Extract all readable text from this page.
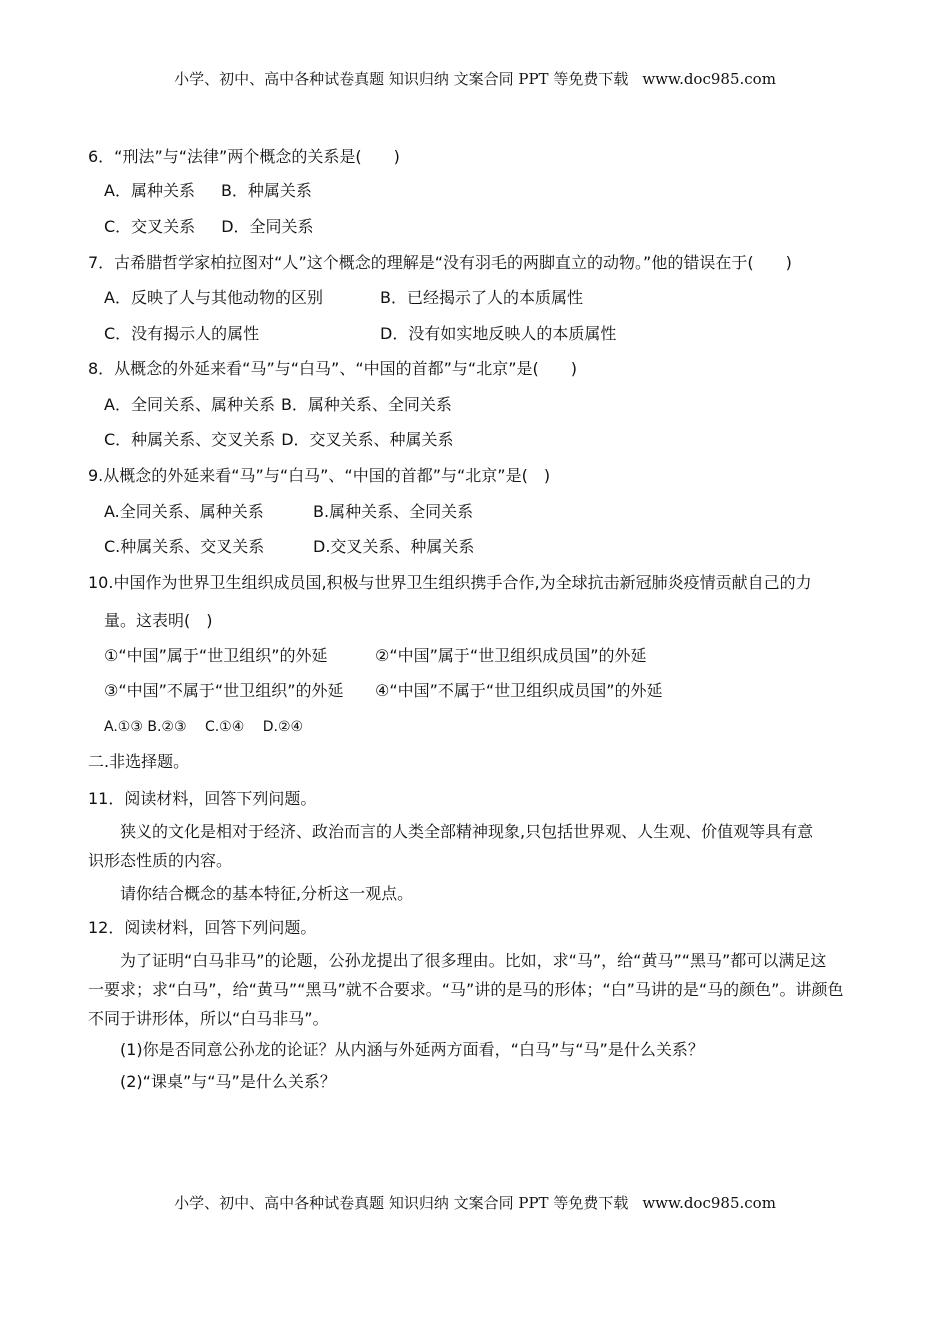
小学、初中、高中各种试卷真题 知识归纳 文案合同 PPT 等免费下载 www.doc985.com
6．“刑法”与“法律”两个概念的关系是(　　)
A．属种关系 B．种属关系
C．交叉关系 D．全同关系
7．古希腊哲学家柏拉图对“人”这个概念的理解是“没有羽毛的两脚直立的动物。”他的错误在于(　　)
A．反映了人与其他动物的区别	B．已经揭示了人的本质属性
C．没有揭示人的属性	D．没有如实地反映人的本质属性
8．从概念的外延来看“马”与“白马”、“中国的首都”与“北京”是(　　)
A．全同关系、属种关系 B．属种关系、全同关系
C．种属关系、交叉关系 D．交叉关系、种属关系
9.从概念的外延来看“马”与“白马”、“中国的首都”与“北京”是(　)
A.全同关系、属种关系	B.属种关系、全同关系
C.种属关系、交叉关系	D.交叉关系、种属关系
10.中国作为世界卫生组织成员国,积极与世界卫生组织携手合作,为全球抗击新冠肺炎疫情贡献自己的力
量。这表明(　)
①“中国”属于“世卫组织”的外延	②“中国”属于“世卫组织成员国”的外延
③“中国”不属于“世卫组织”的外延 ④“中国”不属于“世卫组织成员国”的外延
A.①③ B.②③　 C.①④　 D.②④
二.非选择题。
11．阅读材料，回答下列问题。
狭义的文化是相对于经济、政治而言的人类全部精神现象,只包括世界观、人生观、价值观等具有意
识形态性质的内容。
请你结合概念的基本特征,分析这一观点。
12．阅读材料，回答下列问题。
为了证明“白马非马”的论题，公孙龙提出了很多理由。比如，求“马”，给“黄马”“黑马”都可以满足这
一要求；求“白马”，给“黄马”“黑马”就不合要求。“马”讲的是马的形体；“白”马讲的是“马的颜色”。讲颜色
不同于讲形体，所以“白马非马”。
(1)你是否同意公孙龙的论证？从内涵与外延两方面看，“白马”与“马”是什么关系？
(2)“课桌”与“马”是什么关系？
小学、初中、高中各种试卷真题 知识归纳 文案合同 PPT 等免费下载 www.doc985.com
